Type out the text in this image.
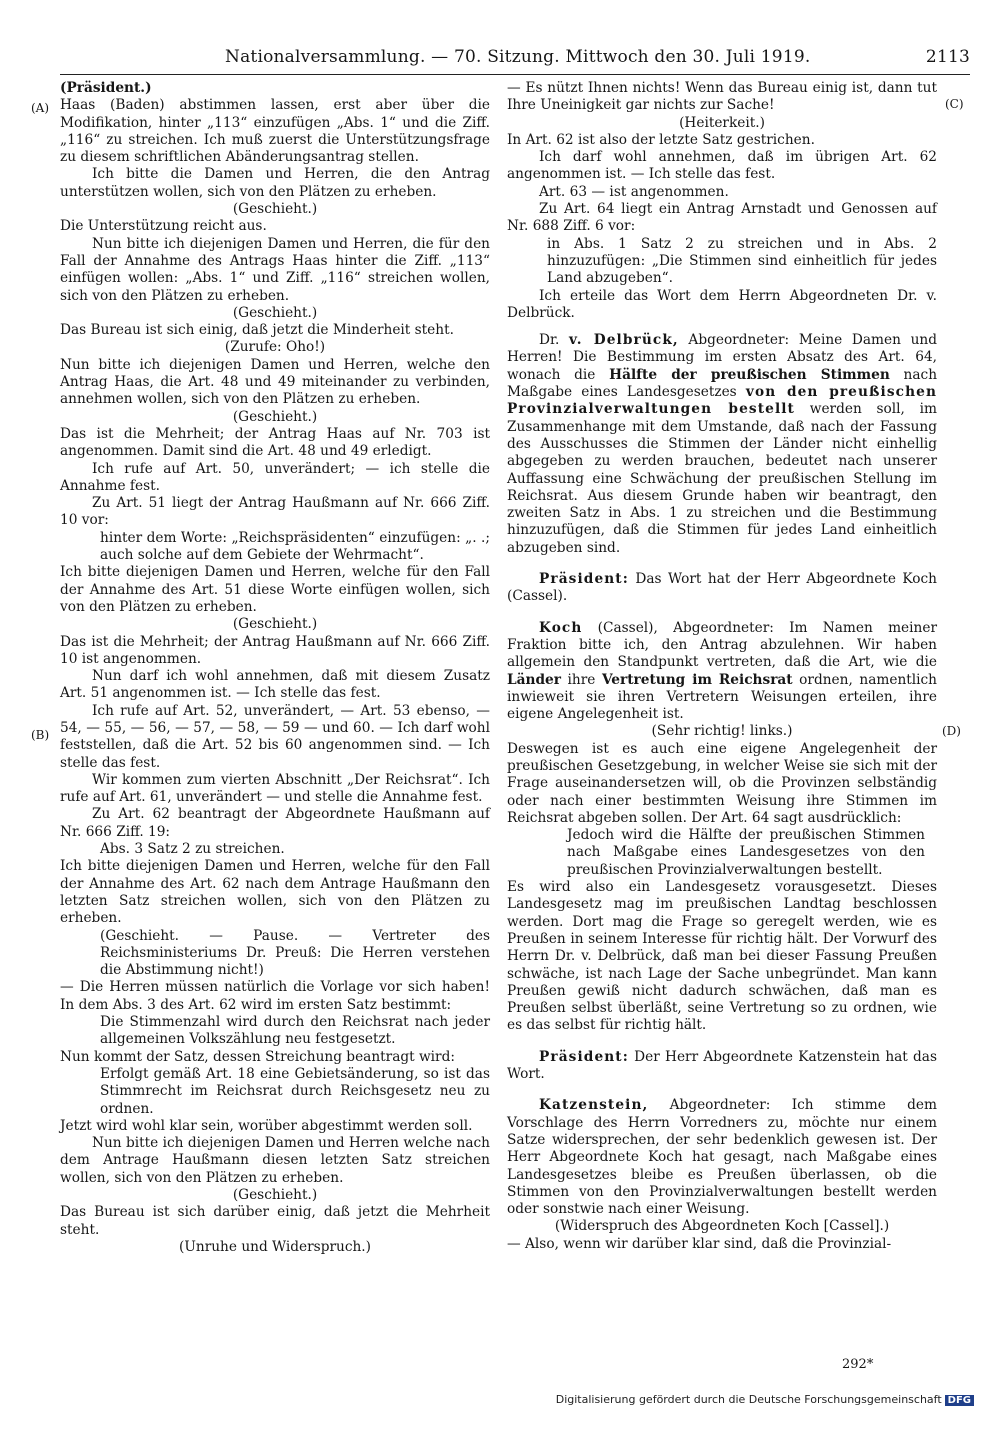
Nationalversammlung. — 70. Sitzung. Mittwoch den 30. Juli 1919.	2113
(A)
(B)
(C)
(D)

(Präsident.)

Haas (Baden) abstimmen lassen, erst aber über die Modifikation, hinter „113“ einzufügen „Abs. 1“ und die Ziff. „116“ zu streichen. Ich muß zuerst die Unterstützungsfrage zu diesem schriftlichen Abänderungsantrag stellen.

Ich bitte die Damen und Herren, die den Antrag unterstützen wollen, sich von den Plätzen zu erheben.

(Geschieht.)

Die Unterstützung reicht aus.

Nun bitte ich diejenigen Damen und Herren, die für den Fall der Annahme des Antrags Haas hinter die Ziff. „113“ einfügen wollen: „Abs. 1“ und Ziff. „116“ streichen wollen, sich von den Plätzen zu erheben.

(Geschieht.)

Das Bureau ist sich einig, daß jetzt die Minderheit steht.

(Zurufe: Oho!)

Nun bitte ich diejenigen Damen und Herren, welche den Antrag Haas, die Art. 48 und 49 miteinander zu verbinden, annehmen wollen, sich von den Plätzen zu erheben.

(Geschieht.)

Das ist die Mehrheit; der Antrag Haas auf Nr. 703 ist angenommen. Damit sind die Art. 48 und 49 erledigt.

Ich rufe auf Art. 50, unverändert; — ich stelle die Annahme fest.

Zu Art. 51 liegt der Antrag Haußmann auf Nr. 666 Ziff. 10 vor:

hinter dem Worte: „Reichspräsidenten“ einzufügen: „. .; auch solche auf dem Gebiete der Wehrmacht“.

Ich bitte diejenigen Damen und Herren, welche für den Fall der Annahme des Art. 51 diese Worte einfügen wollen, sich von den Plätzen zu erheben.

(Geschieht.)

Das ist die Mehrheit; der Antrag Haußmann auf Nr. 666 Ziff. 10 ist angenommen.

Nun darf ich wohl annehmen, daß mit diesem Zusatz Art. 51 angenommen ist. — Ich stelle das fest.

Ich rufe auf Art. 52, unverändert, — Art. 53 ebenso, — 54, — 55, — 56, — 57, — 58, — 59 — und 60. — Ich darf wohl feststellen, daß die Art. 52 bis 60 angenommen sind. — Ich stelle das fest.

Wir kommen zum vierten Abschnitt „Der Reichsrat“. Ich rufe auf Art. 61, unverändert — und stelle die Annahme fest.

Zu Art. 62 beantragt der Abgeordnete Haußmann auf Nr. 666 Ziff. 19:

Abs. 3 Satz 2 zu streichen.

Ich bitte diejenigen Damen und Herren, welche für den Fall der Annahme des Art. 62 nach dem Antrage Haußmann den letzten Satz streichen wollen, sich von den Plätzen zu erheben.

(Geschieht. — Pause. — Vertreter des Reichsministeriums Dr. Preuß: Die Herren verstehen die Abstimmung nicht!)

— Die Herren müssen natürlich die Vorlage vor sich haben! In dem Abs. 3 des Art. 62 wird im ersten Satz bestimmt:

Die Stimmenzahl wird durch den Reichsrat nach jeder allgemeinen Volkszählung neu festgesetzt.

Nun kommt der Satz, dessen Streichung beantragt wird:

Erfolgt gemäß Art. 18 eine Gebietsänderung, so ist das Stimmrecht im Reichsrat durch Reichsgesetz neu zu ordnen.

Jetzt wird wohl klar sein, worüber abgestimmt werden soll.

Nun bitte ich diejenigen Damen und Herren welche nach dem Antrage Haußmann diesen letzten Satz streichen wollen, sich von den Plätzen zu erheben.

(Geschieht.)

Das Bureau ist sich darüber einig, daß jetzt die Mehrheit steht.

(Unruhe und Widerspruch.)

— Es nützt Ihnen nichts! Wenn das Bureau einig ist, dann tut Ihre Uneinigkeit gar nichts zur Sache!

(Heiterkeit.)

In Art. 62 ist also der letzte Satz gestrichen.

Ich darf wohl annehmen, daß im übrigen Art. 62 angenommen ist. — Ich stelle das fest.

Art. 63 — ist angenommen.

Zu Art. 64 liegt ein Antrag Arnstadt und Genossen auf Nr. 688 Ziff. 6 vor:

in Abs. 1 Satz 2 zu streichen und in Abs. 2 hinzuzufügen: „Die Stimmen sind einheitlich für jedes Land abzugeben“.

Ich erteile das Wort dem Herrn Abgeordneten Dr. v. Delbrück.

Dr. v. Delbrück, Abgeordneter: Meine Damen und Herren! Die Bestimmung im ersten Absatz des Art. 64, wonach die Hälfte der preußischen Stimmen nach Maßgabe eines Landesgesetzes von den preußischen Provinzialverwaltungen bestellt werden soll, im Zusammenhange mit dem Umstande, daß nach der Fassung des Ausschusses die Stimmen der Länder nicht einhellig abgegeben zu werden brauchen, bedeutet nach unserer Auffassung eine Schwächung der preußischen Stellung im Reichsrat. Aus diesem Grunde haben wir beantragt, den zweiten Satz in Abs. 1 zu streichen und die Bestimmung hinzuzufügen, daß die Stimmen für jedes Land einheitlich abzugeben sind.

Präsident: Das Wort hat der Herr Abgeordnete Koch (Cassel).

Koch (Cassel), Abgeordneter: Im Namen meiner Fraktion bitte ich, den Antrag abzulehnen. Wir haben allgemein den Standpunkt vertreten, daß die Art, wie die Länder ihre Vertretung im Reichsrat ordnen, namentlich inwieweit sie ihren Vertretern Weisungen erteilen, ihre eigene Angelegenheit ist.

(Sehr richtig! links.)

Deswegen ist es auch eine eigene Angelegenheit der preußischen Gesetzgebung, in welcher Weise sie sich mit der Frage auseinandersetzen will, ob die Provinzen selbständig oder nach einer bestimmten Weisung ihre Stimmen im Reichsrat abgeben sollen. Der Art. 64 sagt ausdrücklich:

Jedoch wird die Hälfte der preußischen Stimmen nach Maßgabe eines Landesgesetzes von den preußischen Provinzialverwaltungen bestellt.

Es wird also ein Landesgesetz vorausgesetzt. Dieses Landesgesetz mag im preußischen Landtag beschlossen werden. Dort mag die Frage so geregelt werden, wie es Preußen in seinem Interesse für richtig hält. Der Vorwurf des Herrn Dr. v. Delbrück, daß man bei dieser Fassung Preußen schwäche, ist nach Lage der Sache unbegründet. Man kann Preußen gewiß nicht dadurch schwächen, daß man es Preußen selbst überläßt, seine Vertretung so zu ordnen, wie es das selbst für richtig hält.

Präsident: Der Herr Abgeordnete Katzenstein hat das Wort.

Katzenstein, Abgeordneter: Ich stimme dem Vorschlage des Herrn Vorredners zu, möchte nur einem Satze widersprechen, der sehr bedenklich gewesen ist. Der Herr Abgeordnete Koch hat gesagt, nach Maßgabe eines Landesgesetzes bleibe es Preußen überlassen, ob die Stimmen von den Provinzialverwaltungen bestellt werden oder sonstwie nach einer Weisung.

(Widerspruch des Abgeordneten Koch [Cassel].)

— Also, wenn wir darüber klar sind, daß die Provinzial-

292*
Digitalisierung gefördert durch die Deutsche Forschungsgemeinschaft DFG
